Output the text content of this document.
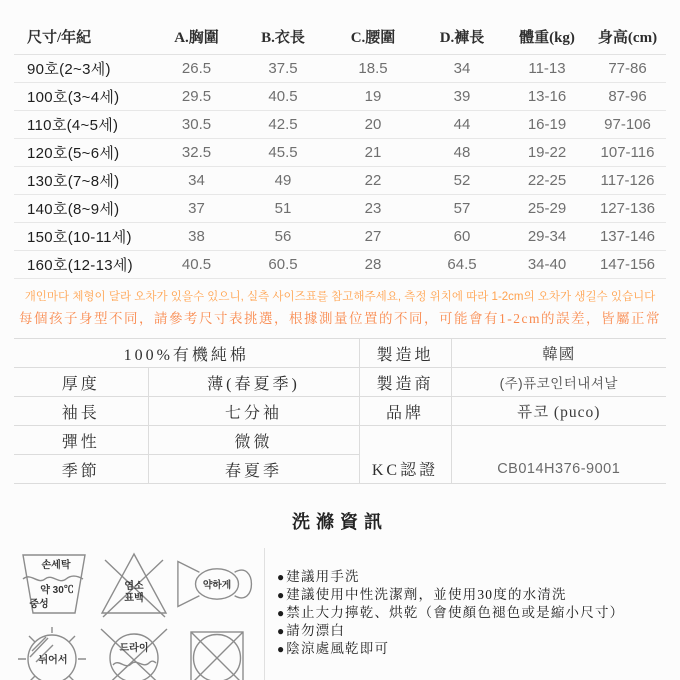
尺寸/年紀	A.胸圍	B.衣長	C.腰圍	D.褲長	體重(kg)	身高(cm)
90호(2~3세)	26.5	37.5	18.5	34	11-13	77-86
100호(3~4세)	29.5	40.5	19	39	13-16	87-96
110호(4~5세)	30.5	42.5	20	44	16-19	97-106
120호(5~6세)	32.5	45.5	21	48	19-22	107-116
130호(7~8세)	34	49	22	52	22-25	117-126
140호(8~9세)	37	51	23	57	25-29	127-136
150호(10-11세)	38	56	27	60	29-34	137-146
160호(12-13세)	40.5	60.5	28	64.5	34-40	147-156
개인마다 체형이 달라 오차가 있을수 있으니, 실측 사이즈표를 참고해주세요, 측정 위치에 따라 1-2cm의 오차가 생길수 있습니다
每個孩子身型不同，請參考尺寸表挑選，根據測量位置的不同，可能會有1-2cm的誤差，皆屬正常
100%有機純棉		製造地	韓國
厚度	薄(春夏季)	製造商	(주)퓨코인터내셔날
袖長	七分袖	品牌	퓨코 (puco)
彈性	微微		
季節	春夏季	KC認證	CB014H376-9001
洗滌資訊
손세탁
약 30℃
중성
염소
표백
약하게
뉘어서
드라이
● 建議用手洗
● 建議使用中性洗潔劑，並使用30度的水清洗
● 禁止大力擰乾、烘乾（會使顏色褪色或是縮小尺寸）
● 請勿漂白
● 陰涼處風乾即可
